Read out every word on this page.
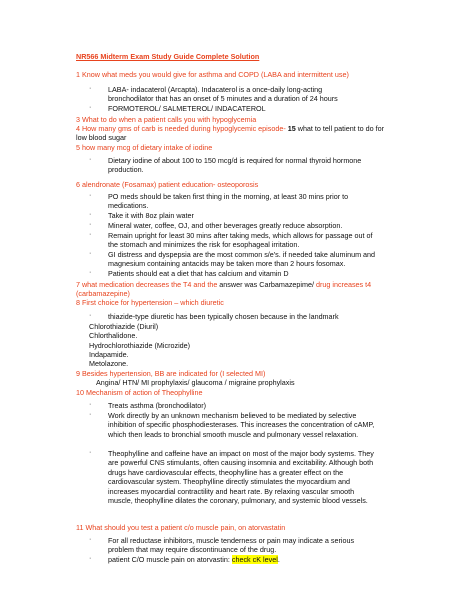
NR566 Midterm Exam Study Guide Complete Solution
1 Know what meds you would give for asthma and COPD (LABA and intermittent use)
· LABA- indacaterol (Arcapta). Indacaterol is a once-daily long-acting bronchodilator that has an onset of 5 minutes and a duration of 24 hours
· FORMOTEROL/ SALMETEROL/ INDACATEROL
3 What to do when a patient calls you with hypoglycemia
4 How many gms of carb is needed during hypoglycemic episode- 15 what to tell patient to do for
low blood sugar
5 how many mcg of dietary intake of iodine
· Dietary iodine of about 100 to 150 mcg/d is required for normal thyroid hormone production.
6 alendronate (Fosamax) patient education- osteoporosis
· PO meds should be taken first thing in the morning, at least 30 mins prior to medications.
· Take it with 8oz plain water
· Mineral water, coffee, OJ, and other beverages greatly reduce absorption.
· Remain upright for least 30 mins after taking meds, which allows for passage out of the stomach and minimizes the risk for esophageal irritation.
· GI distress and dyspepsia are the most common s/e's. if needed take aluminum and magnesium containing antacids may be taken more than 2 hours fosomax.
· Patients should eat a diet that has calcium and vitamin D
7 what medication decreases the T4 and the answer was Carbamazepime/ drug increases t4
(carbamazepine)
8 First choice for hypertension – which diuretic
· thiazide-type diuretic has been typically chosen because in the landmark
Chlorothiazide (Diuril)
Chlorthalidone.
Hydrochlorothiazide (Microzide)
Indapamide.
Metolazone.
9 Besides hypertension, BB are indicated for (I selected MI)
Angina/ HTN/ MI prophylaxis/ glaucoma / migraine prophylaxis
10 Mechanism of action of Theophylline
· Treats asthma (bronchodilator)
· Work directly by an unknown mechanism believed to be mediated by selective inhibition of specific phosphodiesterases. This increases the concentration of cAMP, which then leads to bronchial smooth muscle and pulmonary vessel relaxation.
· Theophylline and caffeine have an impact on most of the major body systems. They are powerful CNS stimulants, often causing insomnia and excitability. Although both drugs have cardiovascular effects, theophylline has a greater effect on the cardiovascular system. Theophylline directly stimulates the myocardium and increases myocardial contractility and heart rate. By relaxing vascular smooth muscle, theophylline dilates the coronary, pulmonary, and systemic blood vessels.
11 What should you test a patient c/o muscle pain, on atorvastatin
· For all reductase inhibitors, muscle tenderness or pain may indicate a serious problem that may require discontinuance of the drug.
· patient C/O muscle pain on atorvastin: check cK level.
